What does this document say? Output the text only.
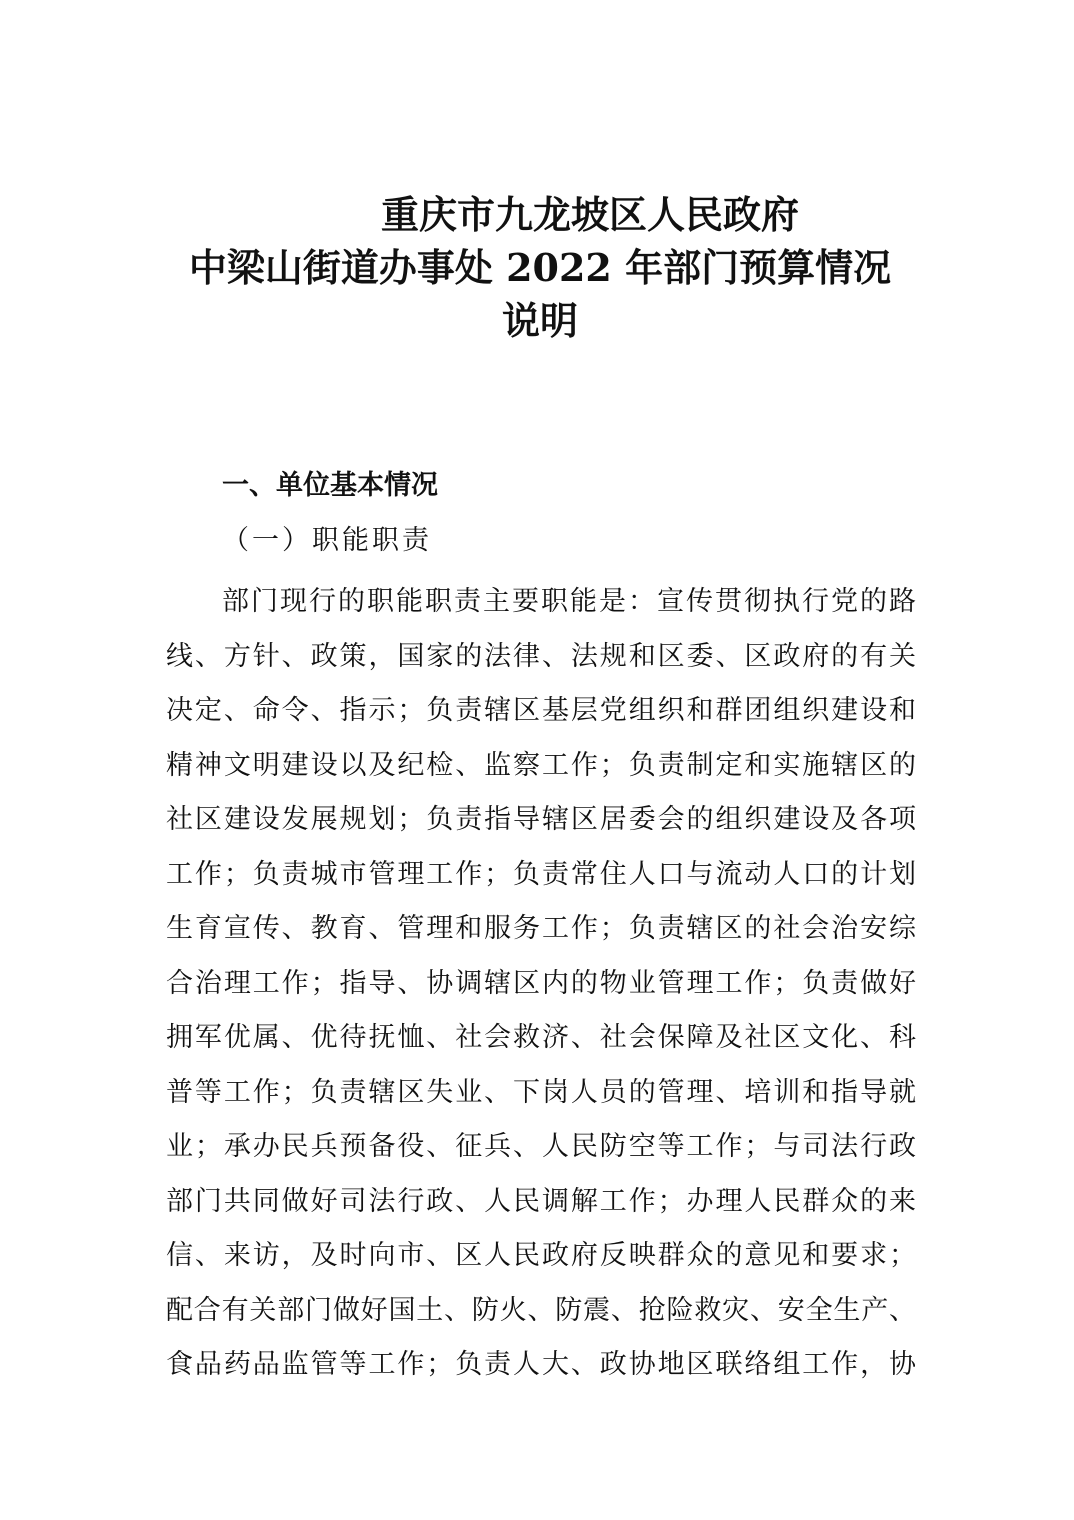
重庆市九龙坡区人民政府
中梁山街道办事处 2022 年部门预算情况
说明
一、单位基本情况
（一）职能职责
部门现行的职能职责主要职能是：宣传贯彻执行党的路
线、方针、政策，国家的法律、法规和区委、区政府的有关
决定、命令、指示；负责辖区基层党组织和群团组织建设和
精神文明建设以及纪检、监察工作；负责制定和实施辖区的
社区建设发展规划；负责指导辖区居委会的组织建设及各项
工作；负责城市管理工作；负责常住人口与流动人口的计划
生育宣传、教育、管理和服务工作；负责辖区的社会治安综
合治理工作；指导、协调辖区内的物业管理工作；负责做好
拥军优属、优待抚恤、社会救济、社会保障及社区文化、科
普等工作；负责辖区失业、下岗人员的管理、培训和指导就
业；承办民兵预备役、征兵、人民防空等工作；与司法行政
部门共同做好司法行政、人民调解工作；办理人民群众的来
信、来访，及时向市、区人民政府反映群众的意见和要求；
配合有关部门做好国土、防火、防震、抢险救灾、安全生产、
食品药品监管等工作；负责人大、政协地区联络组工作，协
